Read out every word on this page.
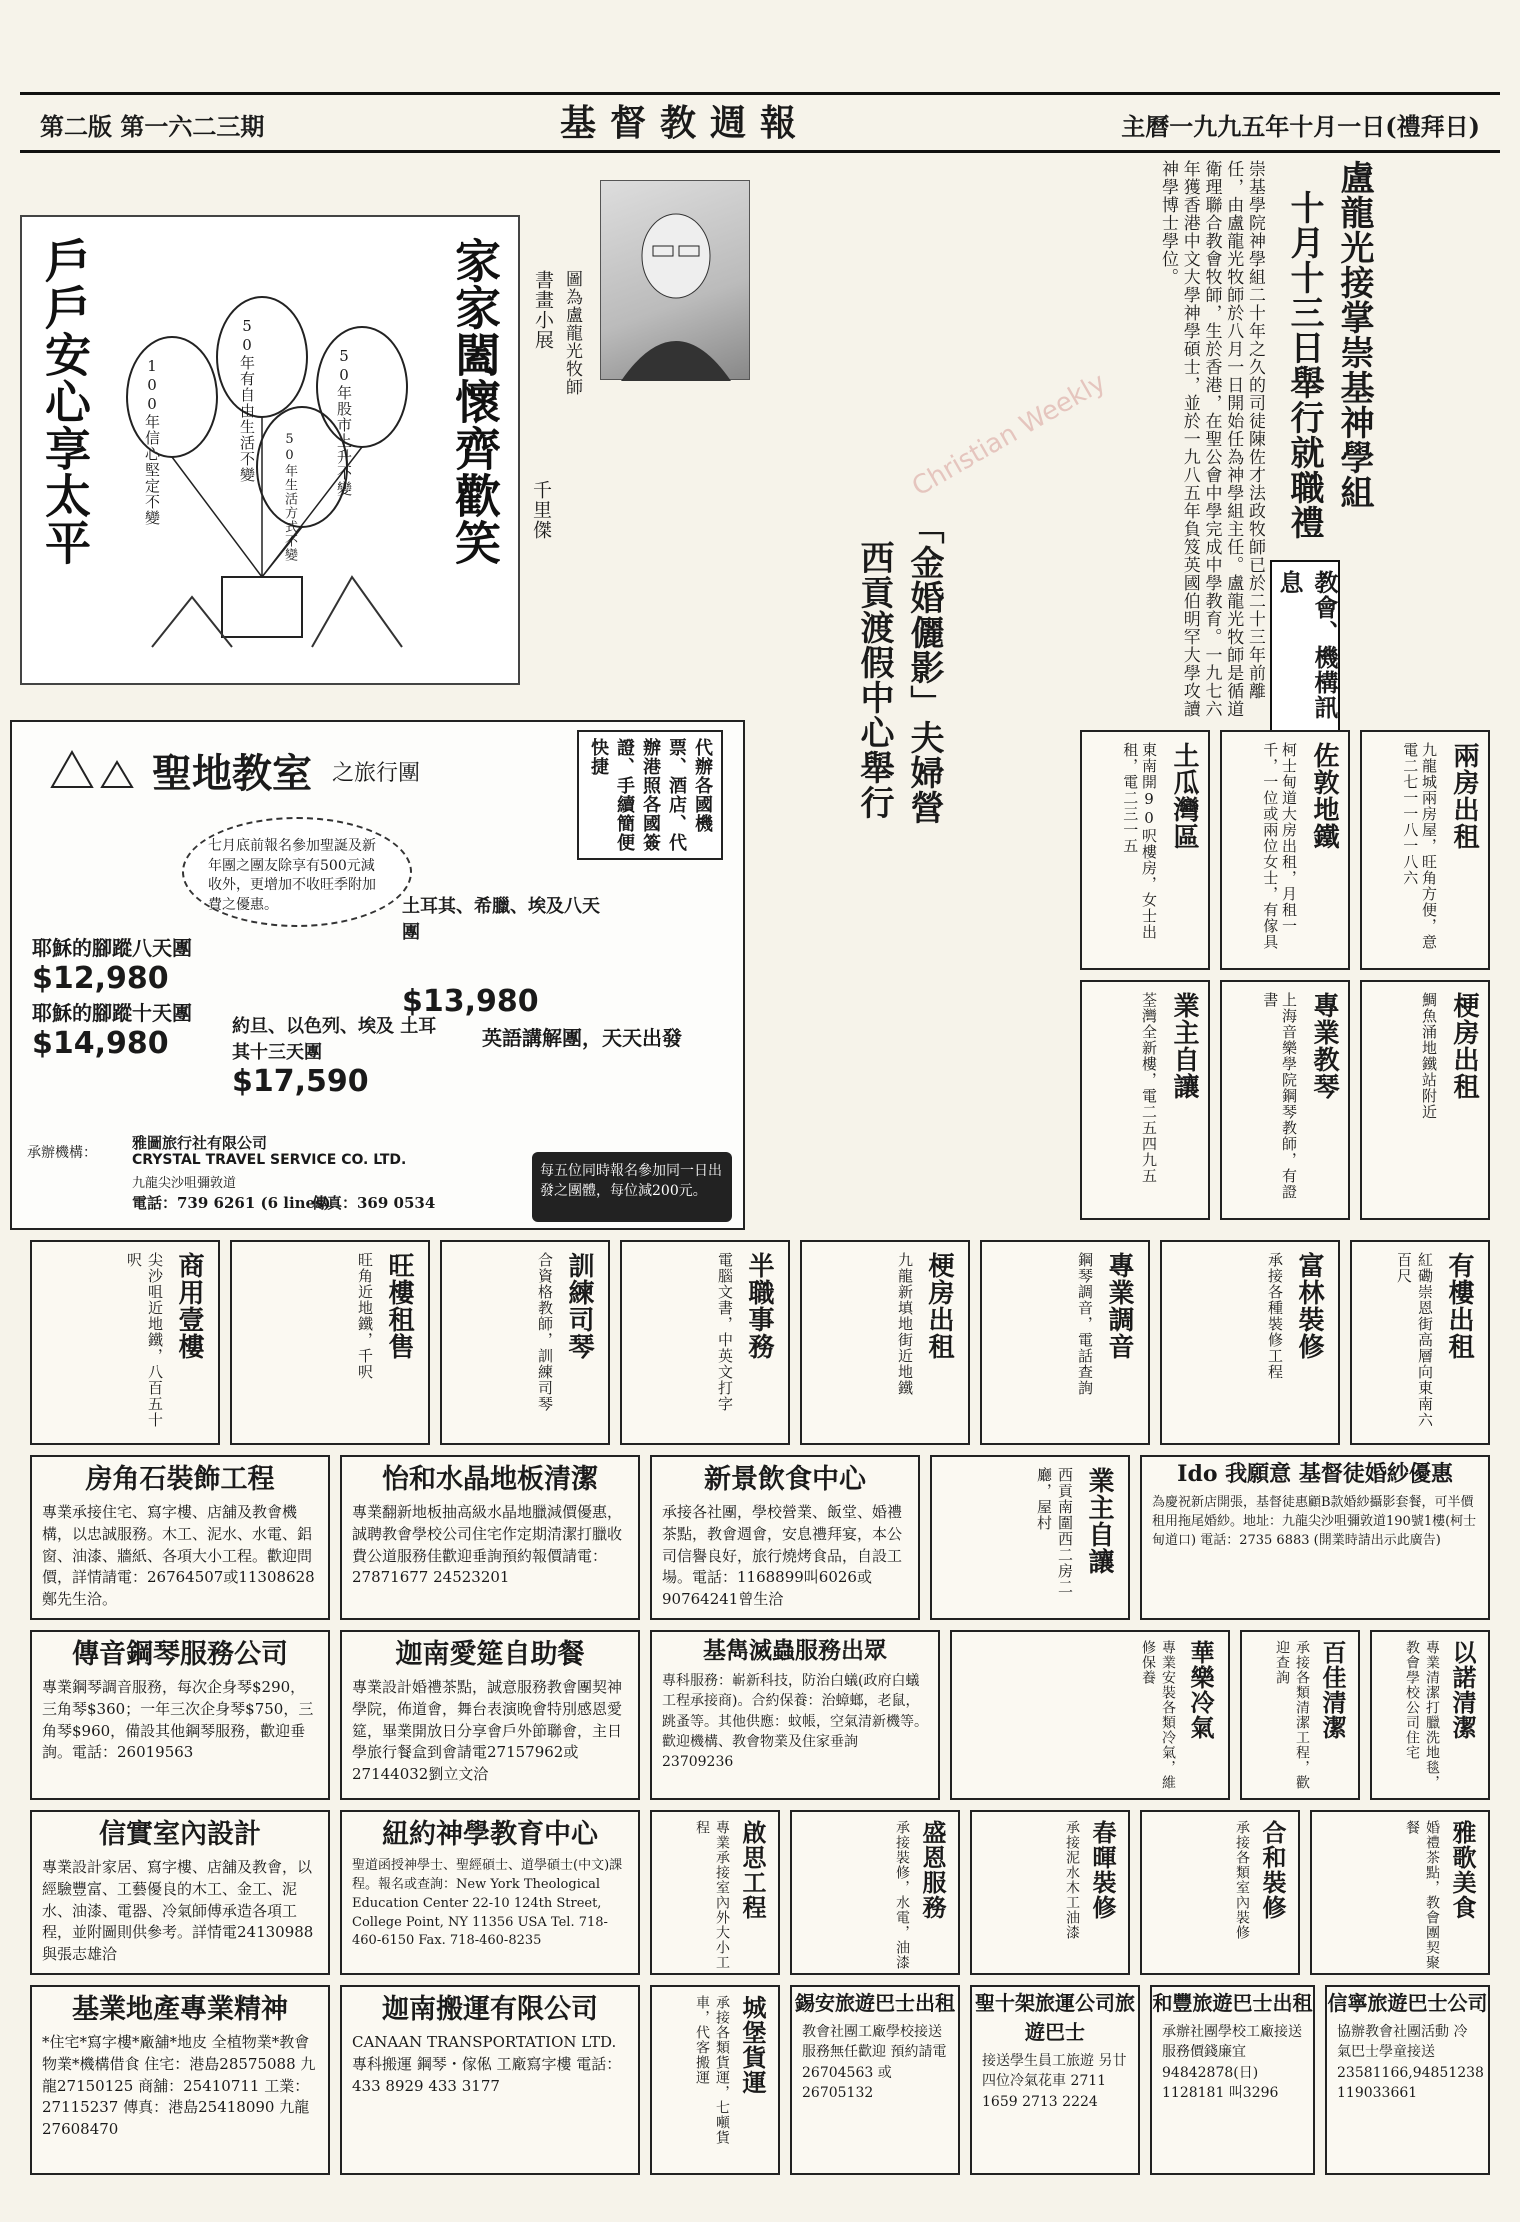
第二版 第一六二三期	基督教週報	主曆一九九五年十月一日(禮拜日)
家家闔懷齊歡笑
戶戶安心享太平	100年信心堅定不變	50年有自由生活不變	50年股市上升不變
50年生活方式不變
書畫小展
千里傑
圖為盧龍光牧師	盧龍光接掌崇基神學組
十月十三日舉行就職禮
崇基學院神學組二十年之久的司徒陳佐才法政牧師已於二十三年前離任，由盧龍光牧師於八月一日開始任為神學組主任。盧龍光牧師是循道衛理聯合教會牧師，生於香港，在聖公會中學完成中學教育。一九七六年獲香港中文大學神學碩士，並於一九八五年負笈英國伯明罕大學攻讀神學博士學位。
教會、機構訊息
「金婚儷影」夫婦營
西貢渡假中心舉行
聖地教室 之旅行團	代辦各國機票、酒店、代辦港照各國簽證、手續簡便快捷
七月底前報名參加聖誕及新年團之團友除享有500元減收外，更增加不收旺季附加費之優惠。
耶穌的腳蹤八天團
$12,980
耶穌的腳蹤十天團
$14,980	約旦、以色列、埃及 土耳其十三天團
$17,590
土耳其、希臘、埃及八天團
$13,980
英語講解團，天天出發
承辦機構：
雅圖旅行社有限公司
CRYSTAL TRAVEL SERVICE CO. LTD.
九龍尖沙咀彌敦道
電話：739 6261 (6 lines)
傳真：369 0534
每五位同時報名參加同一日出發之團體，每位減200元。
兩房出租
九龍城兩房屋，旺角方便，意電二七一一八一八六
佐敦地鐵
柯士甸道大房出租，月租一千，一位或兩位女士，有傢具
土瓜灣區
東南開90呎樓房，女士出租，電二三一五
梗房出租
鯛魚涌地鐵站附近
專業教琴
上海音樂學院鋼琴教師，有證書
業主自讓
荃灣全新樓，電二五四九五
有樓出租
紅磡崇恩街高層向東南六百尺
富林裝修
承接各種裝修工程
專業調音
鋼琴調音，電話查詢
梗房出租
九龍新填地街近地鐵
半職事務
電腦文書，中英文打字
訓練司琴
合資格教師，訓練司琴
旺樓租售
旺角近地鐵，千呎
商用壹樓
尖沙咀近地鐵，八百五十呎
房角石裝飾工程

專業承接住宅、寫字樓、店舖及教會機構，以忠誠服務。木工、泥水、水電、鋁窗、油漆、牆紙、各項大小工程。歡迎問價，詳情請電：26764507或11308628鄭先生洽。

怡和水晶地板清潔

專業翻新地板抽高級水晶地臘減價優惠，誠聘教會學校公司住宅作定期清潔打臘收費公道服務佳歡迎垂詢預約報價請電：27871677 24523201

新景飲食中心

承接各社團，學校營業、飯堂、婚禮茶點，教會週會，安息禮拜宴，本公司信譽良好，旅行燒烤食品，自設工場。電話：1168899叫6026或90764241曾生洽

Ido 我願意 基督徒婚紗優惠

為慶祝新店開張，基督徒惠顧B款婚紗攝影套餐，可半價租用拖尾婚紗。地址：九龍尖沙咀彌敦道190號1樓(柯士甸道口) 電話：2735 6883 (開業時請出示此廣告)

業主自讓
西貢南圍西二房二廳，屋村
傳音鋼琴服務公司

專業鋼琴調音服務，每次企身琴$290，三角琴$360；一年三次企身琴$750，三角琴$960，備設其他鋼琴服務，歡迎垂詢。電話：26019563

迦南愛筵自助餐

專業設計婚禮茶點，誠意服務教會團契神學院，佈道會，舞台表演晚會特別感恩愛筵，畢業開放日分享會戶外節聯會，主日學旅行餐盒到會請電27157962或27144032劉立文洽

基雋滅蟲服務出眾

專科服務：嶄新科技，防治白蟻(政府白蟻工程承接商)。合約保養：治蟑螂，老鼠，跳蚤等。其他供應：蚊帳，空氣清新機等。歡迎機構、教會物業及住家垂詢23709236

以諾清潔
專業清潔打臘洗地毯，教會學校公司住宅
百佳清潔
承接各類清潔工程，歡迎查詢
華樂冷氣
專業安裝各類冷氣，維修保養
信實室內設計

專業設計家居、寫字樓、店舖及教會，以經驗豐富、工藝優良的木工、金工、泥水、油漆、電器、冷氣師傅承造各項工程，並附圖則供參考。詳情電24130988與張志雄洽

紐約神學教育中心

聖道函授神學士、聖經碩士、道學碩士(中文)課程。報名或查詢：New York Theological Education Center 22-10 124th Street, College Point, NY 11356 USA Tel. 718-460-6150 Fax. 718-460-8235

啟思工程
專業承接室內外大小工程	盛恩服務
承接裝修，水電，油漆	春暉裝修
承接泥水木工油漆	合和裝修
承接各類室內裝修	雅歌美食
婚禮茶點，教會團契聚餐
基業地產專業精神

*住宅*寫字樓*廠舖*地皮 全植物業*教會物業*機構借食 住宅：港島28575088 九龍27150125 商舖：25410711 工業：27115237 傳真：港島25418090 九龍27608470

迦南搬運有限公司

CANAAN TRANSPORTATION LTD. 專科搬運 鋼琴・傢俬 工廠寫字樓 電話：433 8929 433 3177	城堡貨運
承接各類貨運，七噸貨車，代客搬運	錫安旅遊巴士出租

教會社團工廠學校接送服務無任歡迎 預約請電26704563 或26705132

聖十架旅運公司旅遊巴士

接送學生員工旅遊 另廿四位冷氣花車 2711 1659 2713 2224

和豐旅遊巴士出租

承辦社團學校工廠接送服務價錢廉宜 94842878(日) 1128181 叫3296

信寧旅遊巴士公司

協辦教會社團活動 冷氣巴士學童接送 23581166,94851238 119033661

Christian Weekly
